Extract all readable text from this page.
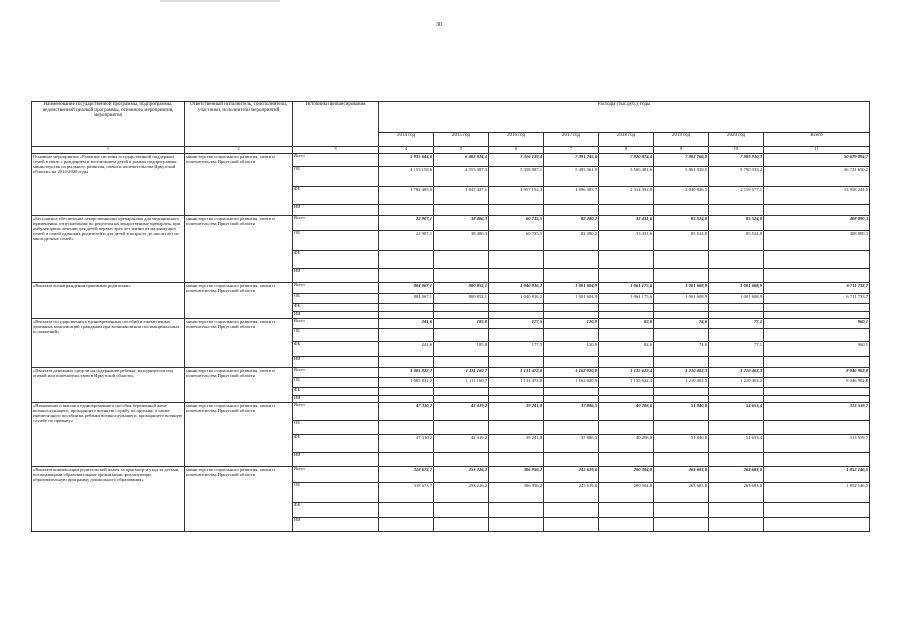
30
Наименование государственной программы, подпрограммы, ведомственной целевой программы, основного мероприятия, мероприятия	Ответственный исполнитель, соисполнители, участники, исполнители мероприятий	Источники финансирования	Расходы (тыс.руб.), годы							
			2014 год	2015 год	2016 год	2017 год	2018 год	2019 год	2020 год	Всего
1	2	3	4	5	6	7	8	9	10	11
Основное мероприятие «Развитие системы государственной поддержки семей в связи с рождением и воспитанием детей в рамках подпрограммы министерства социального развития, опеки и попечительства Иркутской области» на 2014-2020 годы	министерство социального развития, опеки и попечительства Иркутской области	Всего	5 935 644,6	6 402 814,4	7 316 139,4	7 391 745,6	7 820 874,4	7 902 766,0	7 909 910,3	50 679 894,7
		ОБ	4 153 159,6	4 555 387,3	5 358 987,1	5 495 361,9	5 506 481,6	5 861 939,5	5 790 333,2	36 721 650,2
		ФБ	1 782 485,0	1 847 427,1	1 957 152,3	1 896 383,7	2 314 392,8	2 040 826,5	2 119 577,1	13 958 244,5
		ИИ								
«Бесплатное обеспечение лекарственными препаратами для медицинского применения, отпускаемыми по рецептам на лекарственные препараты, при амбулаторном лечении для детей первых трех лет жизни из малоимущих семей и семей одиноких родителей и для детей в возрасте до шести лет из многодетных семей»	министерство социального развития, опеки и попечительства Иркутской области	Всего	22 907,1	38 486,3	60 735,5	82 280,2	33 431,6	85 524,8	85 524,8	408 890,3
		ОБ	22 907,1	38 486,3	60 735,5	82 280,2	33 431,6	85 524,8	85 524,8	408 890,3
		ФБ								
		ИИ								
«Выплата вознаграждения приемным родителям»	министерство социального развития, опеки и попечительства Иркутской области	Всего	804 067,1	800 852,1	1 040 816,2	1 001 604,9	1 061 175,6	1 001 608,9	1 001 608,9	6 711 733,7
		ОБ	804 067,1	800 852,1	1 040 816,2	1 001 604,9	1 061 175,6	1 001 608,9	1 001 608,9	6 711 733,7
		ФБ								
		ИИ								
«Выплата государственных единовременных пособий и ежемесячных денежных компенсаций гражданам при возникновении поствакцинальных осложнений»	министерство социального развития, опеки и попечительства Иркутской области	Всего	241,6	185,8	177,5	120,9	82,6	74,6	77,1	960,1
		ОБ								
		ФБ	241,6	185,8	177,5	120,9	82,6	74,6	77,1	960,1
		ИИ								
«Выплата денежных средств на содержание ребенка, находящегося под опекой или попечительством в Иркутской области»	министерство социального развития, опеки и попечительства Иркутской области	Всего	1 085 822,2	1 111 160,7	1 131 472,0	1 162 020,9	1 135 622,4	1 210 402,3	1 210 402,3	8 046 902,8
		ОБ	1 085 822,2	1 111 160,7	1 131 472,0	1 162 020,9	1 135 622,4	1 210 402,3	1 210 402,3	8 046 902,8
		ФБ								
		ИИ								
«Назначение и выплата единовременного пособия беременной жене военнослужащего, проходящего военную службу по призыву, а также ежемесячного пособия на ребенка военнослужащего, проходящего военную службу по призыву»	министерство социального развития, опеки и попечительства Иркутской области	Всего	47 310,2	42 419,2	39 241,8	37 886,5	40 208,6	51 840,0	54 653,4	313 559,7
		ОБ								
		ФБ	47 310,2	42 419,2	39 241,8	37 886,5	40 208,6	51 840,0	54 653,4	313 559,7
		ИИ								
«Выплата компенсации родительской платы за присмотр и уход за детьми, посещающими образовательные организации, реализующие образовательную программу дошкольного образования»	министерство социального развития, опеки и попечительства Иркутской области	Всего	318 673,7	253 226,2	306 956,2	245 619,6	200 304,8	263 683,0	263 683,0	1 852 146,5
		ОБ	318 673,7	253 226,2	306 956,2	245 619,6	200 304,8	263 683,0	263 683,0	1 852 146,5
		ФБ								
		ИИ								
